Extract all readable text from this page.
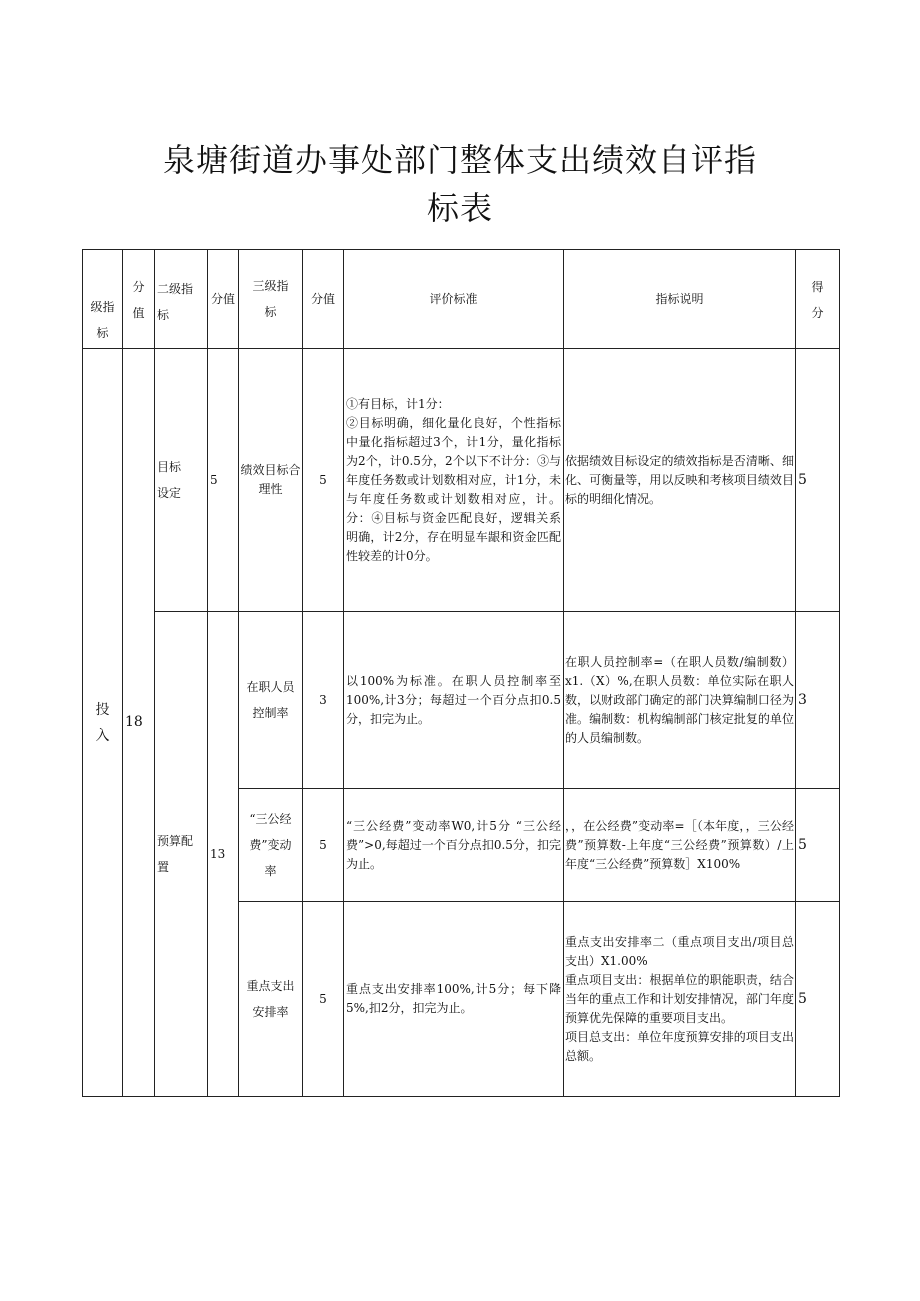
泉塘街道办事处部门整体支出绩效自评指
标表
级指标	分值	二级指标	分值	三级指标	分值	评价标准	指标说明	得分
投入	18	目标设定	5	绩效目标合理性	5	①有目标，计1分：
②目标明确，细化量化良好，个性指标中量化指标超过3个，计1分，量化指标为2个，计0.5分，2个以下不计分：③与年度任务数或计划数相对应，计1分，未与年度任务数或计划数相对应，计。分：④目标与资金匹配良好，逻辑关系明确，计2分，存在明显车龈和资金匹配性较差的计0分。	依据绩效目标设定的绩效指标是否清晰、细化、可衡量等，用以反映和考核项目绩效目标的明细化情况。	5
		预算配置	13	在职人员控制率	3	以100%为标准。在职人员控制率至100%,计3分；每超过一个百分点扣0.5分，扣完为止。	在职人员控制率=（在职人员数/编制数）x1.（X）%,在职人员数：单位实际在职人数，以财政部门确定的部门决算编制口径为准。编制数：机构编制部门核定批复的单位的人员编制数。	3
				“三公经费”变动率	5	“三公经费”变动率W0,计5分 “三公经费”>0,每超过一个百分点扣0.5分，扣完为止。	，，在公经费”变动率=［（本年度，，三公经费”预算数-上年度“三公经费”预算数）/上年度“三公经费”预算数］X100%	5
				重点支出安排率	5	重点支出安排率100%,计5分；每下降5%,扣2分，扣完为止。	重点支出安排率二（重点项目支出/项目总支出）X1.00%
重点项目支出：根据单位的职能职责，结合当年的重点工作和计划安排情况，部门年度预算优先保障的重要项目支出。
项目总支出：单位年度预算安排的项目支出总额。	5
